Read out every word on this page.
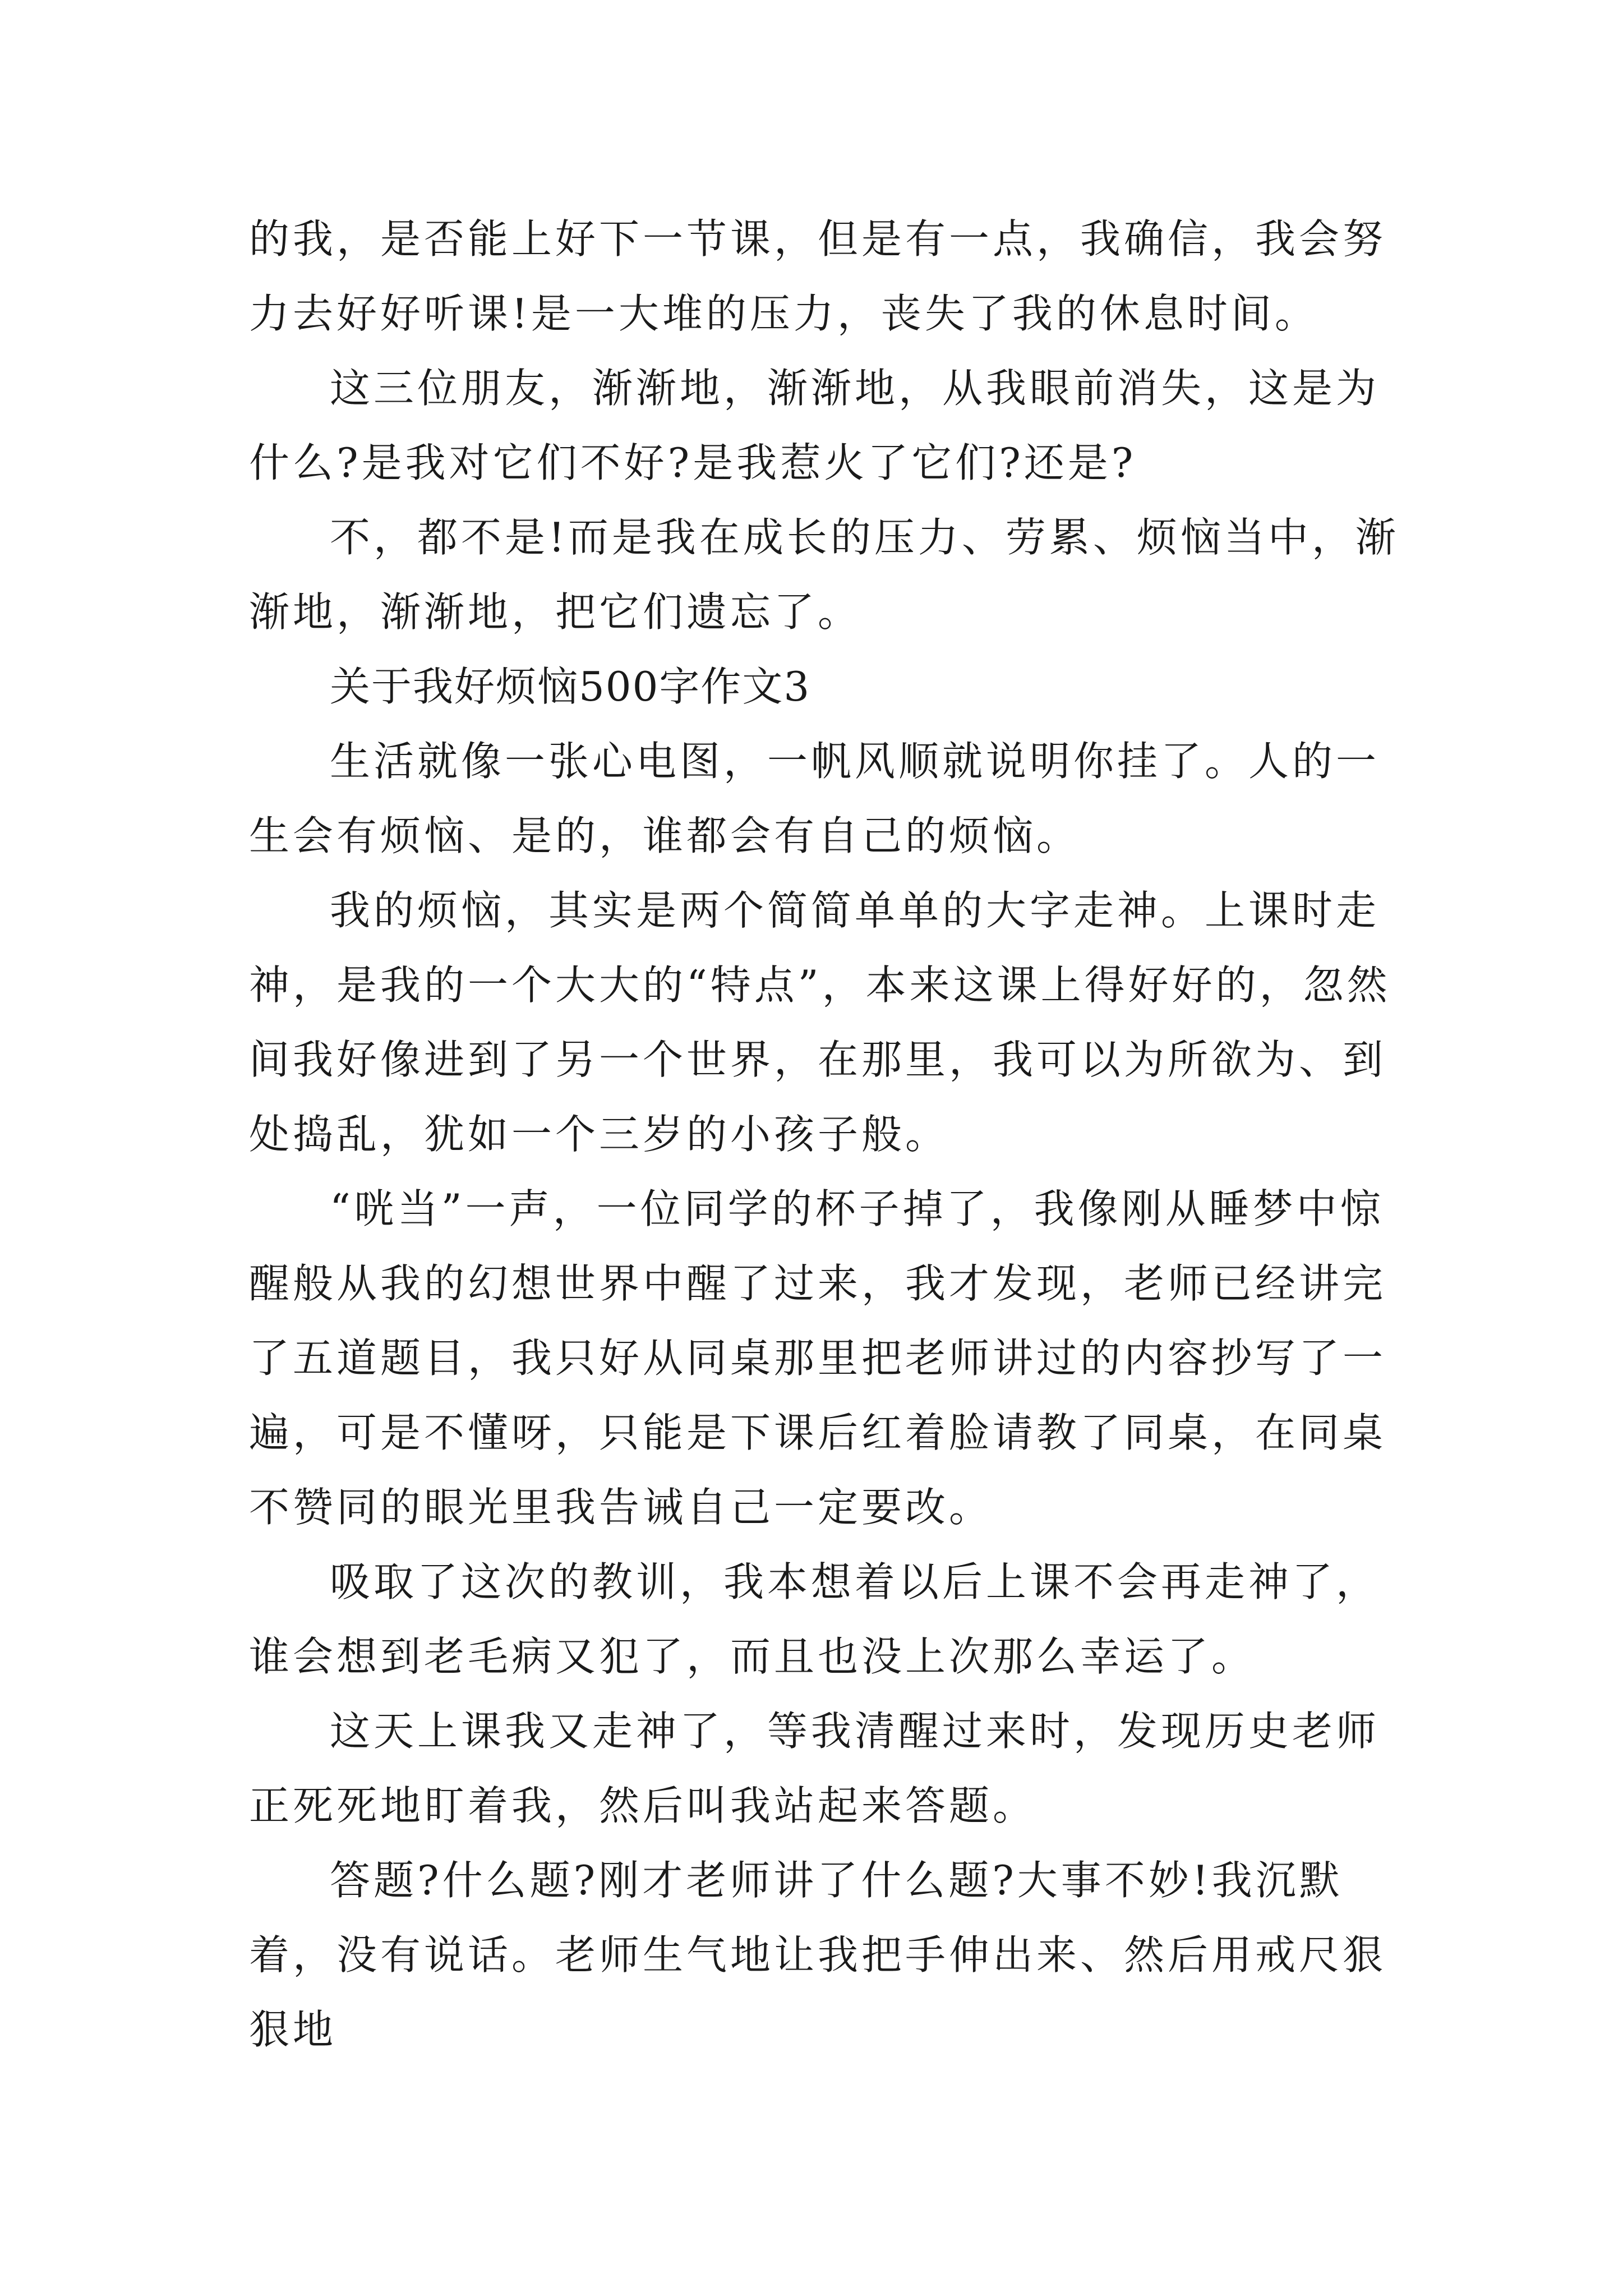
的我，是否能上好下一节课，但是有一点，我确信，我会努力去好好听课!是一大堆的压力，丧失了我的休息时间。

这三位朋友，渐渐地，渐渐地，从我眼前消失，这是为什么?是我对它们不好?是我惹火了它们?还是?

不，都不是!而是我在成长的压力、劳累、烦恼当中，渐渐地，渐渐地，把它们遗忘了。

关于我好烦恼500字作文3

生活就像一张心电图，一帆风顺就说明你挂了。人的一生会有烦恼、是的，谁都会有自己的烦恼。

我的烦恼，其实是两个简简单单的大字走神。上课时走神，是我的一个大大的“特点”，本来这课上得好好的，忽然间我好像进到了另一个世界，在那里，我可以为所欲为、到处捣乱，犹如一个三岁的小孩子般。

“咣当”一声，一位同学的杯子掉了，我像刚从睡梦中惊醒般从我的幻想世界中醒了过来，我才发现，老师已经讲完了五道题目，我只好从同桌那里把老师讲过的内容抄写了一遍，可是不懂呀，只能是下课后红着脸请教了同桌，在同桌不赞同的眼光里我告诫自己一定要改。

吸取了这次的教训，我本想着以后上课不会再走神了，谁会想到老毛病又犯了，而且也没上次那么幸运了。

这天上课我又走神了，等我清醒过来时，发现历史老师正死死地盯着我，然后叫我站起来答题。

答题?什么题?刚才老师讲了什么题?大事不妙!我沉默着，没有说话。老师生气地让我把手伸出来、然后用戒尺狠狠地
